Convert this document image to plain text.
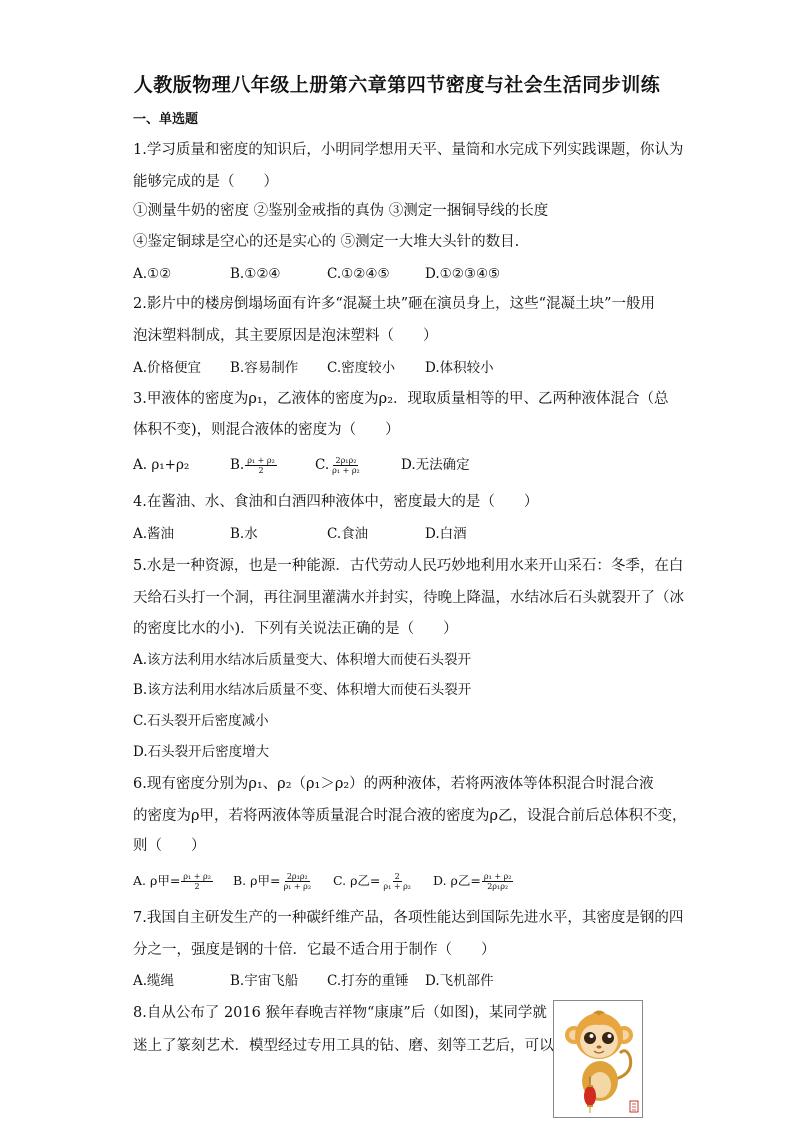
人教版物理八年级上册第六章第四节密度与社会生活同步训练
一、单选题
1.学习质量和密度的知识后，小明同学想用天平、量筒和水完成下列实践课题，你认为
能够完成的是（　　）
①测量牛奶的密度 ②鉴别金戒指的真伪 ③测定一捆铜导线的长度
④鉴定铜球是空心的还是实心的 ⑤测定一大堆大头针的数目.
A.①②	B.①②④	C.①②④⑤	D.①②③④⑤
2.影片中的楼房倒塌场面有许多“混凝土块”砸在演员身上，这些“混凝土块”一般用
泡沫塑料制成，其主要原因是泡沫塑料（　　）
A.价格便宜 B.容易制作 C.密度较小 D.体积较小
3.甲液体的密度为ρ₁，乙液体的密度为ρ₂．现取质量相等的甲、乙两种液体混合（总
体积不变)，则混合液体的密度为（　　）
A. ρ₁+ρ₂	B. $\frac{\text{ρ₁ + ρ₂}}{2}$	C. $\frac{\text{2ρ₁ρ₂}}{\text{ρ₁ + ρ₂}}$	D.无法确定
4.在酱油、水、食油和白酒四种液体中，密度最大的是（　　）
A.酱油	B.水	C.食油	D.白酒
5.水是一种资源，也是一种能源．古代劳动人民巧妙地利用水来开山采石：冬季，在白
天给石头打一个洞，再往洞里灌满水并封实，待晚上降温，水结冰后石头就裂开了（冰
的密度比水的小)．下列有关说法正确的是（　　）
A.该方法利用水结冰后质量变大、体积增大而使石头裂开
B.该方法利用水结冰后质量不变、体积增大而使石头裂开
C.石头裂开后密度减小
D.石头裂开后密度增大
6.现有密度分别为ρ₁、ρ₂（ρ₁＞ρ₂）的两种液体，若将两液体等体积混合时混合液
的密度为ρ甲，若将两液体等质量混合时混合液的密度为ρ乙，设混合前后总体积不变，
则（　　）
A. ρ甲= $\frac{\text{ρ₁ + ρ₂}}{2} B$. ρ甲= $\frac{\text{2ρ₁ρ₂}}{\text{ρ₁ + ρ₂}} C$. ρ乙= $\frac{2}{\text{ρ₁ + ρ₂}} D$. ρ乙= $\frac{\text{ρ₁ + ρ₂}}{\text{2ρ₁ρ₂}}$
7.我国自主研发生产的一种碳纤维产品，各项性能达到国际先进水平，其密度是钢的四
分之一，强度是钢的十倍．它最不适合用于制作（　　）
A.缆绳	B.宇宙飞船 C.打夯的重锤 D.飞机部件
8.自从公布了 2016 猴年春晚吉祥物“康康”后（如图)，某同学就
迷上了篆刻艺术．模型经过专用工具的钻、磨、刻等工艺后，可以
